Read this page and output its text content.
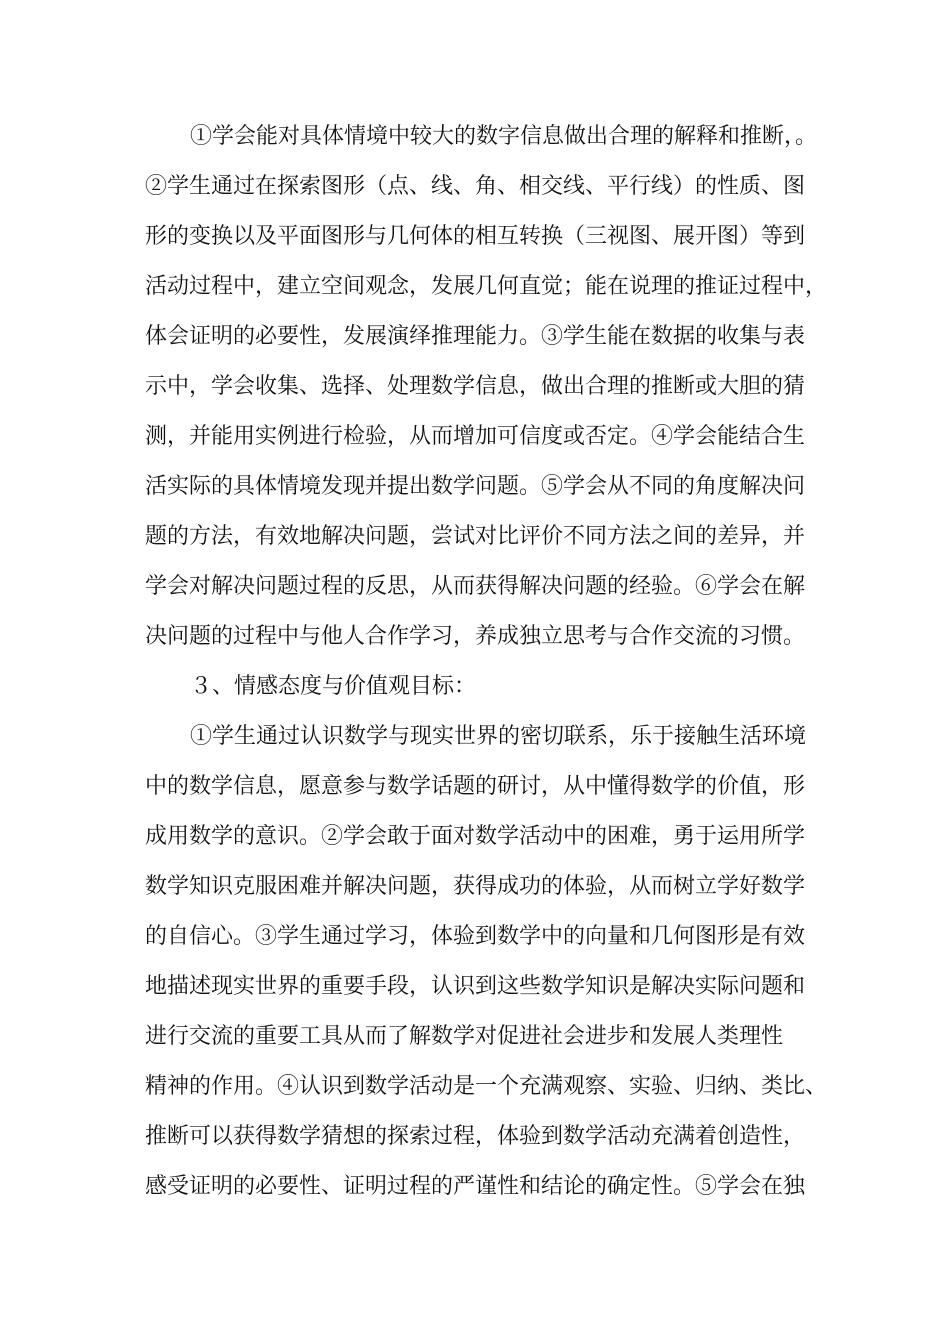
①学会能对具体情境中较大的数字信息做出合理的解释和推断，。
②学生通过在探索图形（点、线、角、相交线、平行线）的性质、图
形的变换以及平面图形与几何体的相互转换（三视图、展开图）等到
活动过程中，建立空间观念，发展几何直觉；能在说理的推证过程中，
体会证明的必要性，发展演绎推理能力。③学生能在数据的收集与表
示中，学会收集、选择、处理数学信息，做出合理的推断或大胆的猜
测，并能用实例进行检验，从而增加可信度或否定。④学会能结合生
活实际的具体情境发现并提出数学问题。⑤学会从不同的角度解决问
题的方法，有效地解决问题，尝试对比评价不同方法之间的差异，并
学会对解决问题过程的反思，从而获得解决问题的经验。⑥学会在解
决问题的过程中与他人合作学习，养成独立思考与合作交流的习惯。
３、情感态度与价值观目标：
①学生通过认识数学与现实世界的密切联系，乐于接触生活环境
中的数学信息，愿意参与数学话题的研讨，从中懂得数学的价值，形
成用数学的意识。②学会敢于面对数学活动中的困难，勇于运用所学
数学知识克服困难并解决问题，获得成功的体验，从而树立学好数学
的自信心。③学生通过学习，体验到数学中的向量和几何图形是有效
地描述现实世界的重要手段，认识到这些数学知识是解决实际问题和
进行交流的重要工具从而了解数学对促进社会进步和发展人类理性
精神的作用。④认识到数学活动是一个充满观察、实验、归纳、类比、
推断可以获得数学猜想的探索过程，体验到数学活动充满着创造性，
感受证明的必要性、证明过程的严谨性和结论的确定性。⑤学会在独
